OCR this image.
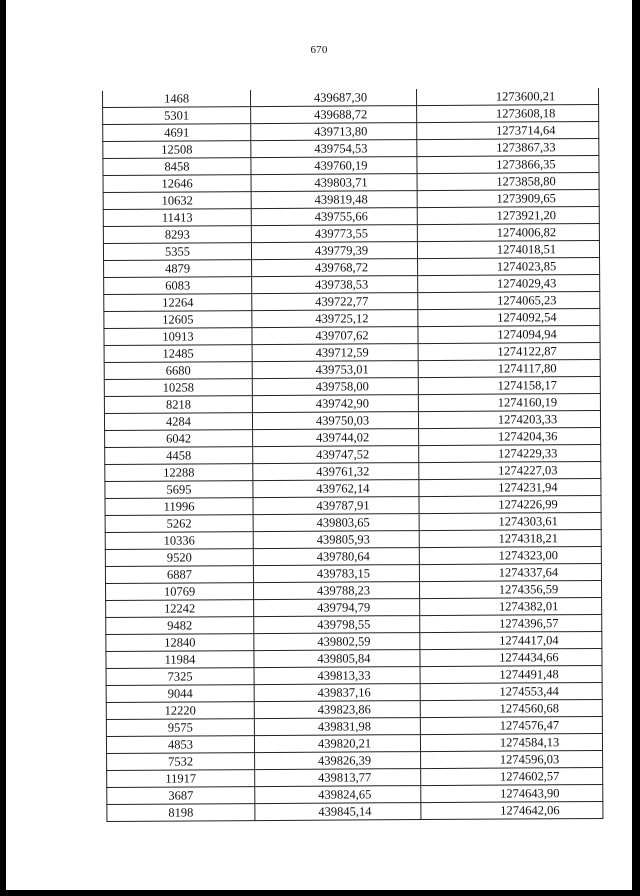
670
1468	439687,30	1273600,21
5301	439688,72	1273608,18
4691	439713,80	1273714,64
12508	439754,53	1273867,33
8458	439760,19	1273866,35
12646	439803,71	1273858,80
10632	439819,48	1273909,65
11413	439755,66	1273921,20
8293	439773,55	1274006,82
5355	439779,39	1274018,51
4879	439768,72	1274023,85
6083	439738,53	1274029,43
12264	439722,77	1274065,23
12605	439725,12	1274092,54
10913	439707,62	1274094,94
12485	439712,59	1274122,87
6680	439753,01	1274117,80
10258	439758,00	1274158,17
8218	439742,90	1274160,19
4284	439750,03	1274203,33
6042	439744,02	1274204,36
4458	439747,52	1274229,33
12288	439761,32	1274227,03
5695	439762,14	1274231,94
11996	439787,91	1274226,99
5262	439803,65	1274303,61
10336	439805,93	1274318,21
9520	439780,64	1274323,00
6887	439783,15	1274337,64
10769	439788,23	1274356,59
12242	439794,79	1274382,01
9482	439798,55	1274396,57
12840	439802,59	1274417,04
11984	439805,84	1274434,66
7325	439813,33	1274491,48
9044	439837,16	1274553,44
12220	439823,86	1274560,68
9575	439831,98	1274576,47
4853	439820,21	1274584,13
7532	439826,39	1274596,03
11917	439813,77	1274602,57
3687	439824,65	1274643,90
8198	439845,14	1274642,06
